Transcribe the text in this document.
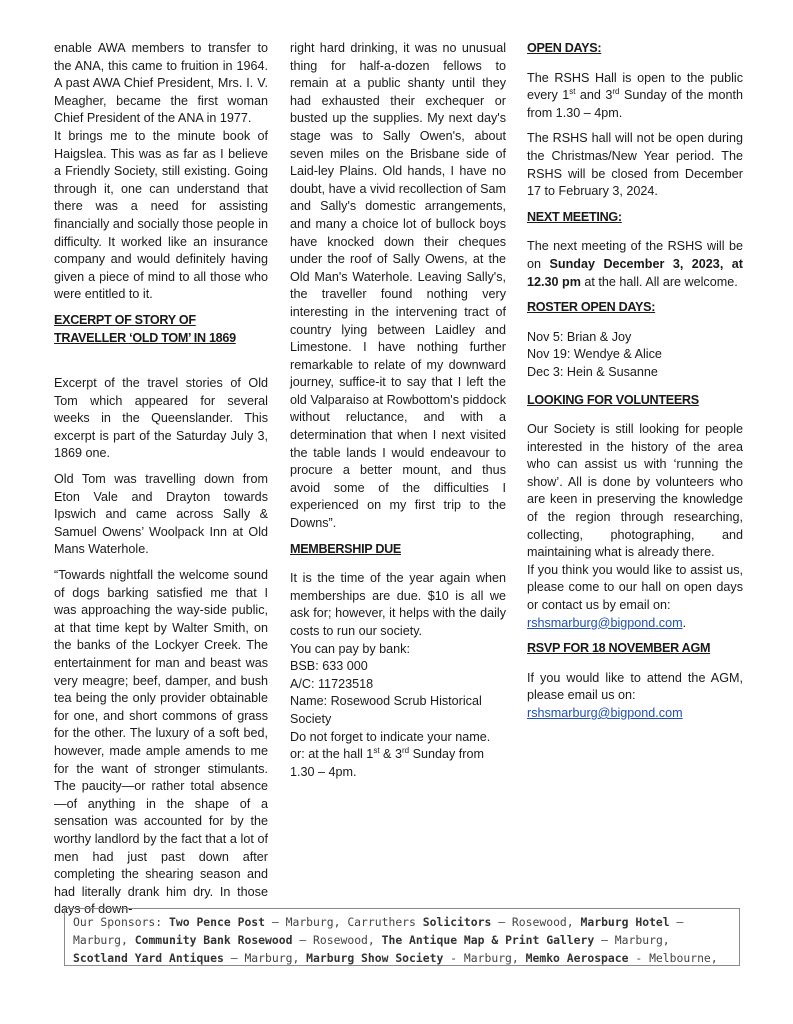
enable AWA members to transfer to the ANA, this came to fruition in 1964. A past AWA Chief President, Mrs. I. V. Meagher, became the first woman Chief President of the ANA in 1977.

It brings me to the minute book of Haigslea. This was as far as I believe a Friendly Society, still existing. Going through it, one can understand that there was a need for assisting financially and socially those people in difficulty. It worked like an insurance company and would definitely having given a piece of mind to all those who were entitled to it.

EXCERPT OF STORY OF TRAVELLER ‘OLD TOM’ IN 1869

Excerpt of the travel stories of Old Tom which appeared for several weeks in the Queenslander. This excerpt is part of the Saturday July 3, 1869 one.

Old Tom was travelling down from Eton Vale and Drayton towards Ipswich and came across Sally & Samuel Owens’ Woolpack Inn at Old Mans Waterhole.

“Towards nightfall the welcome sound of dogs barking satisfied me that I was approaching the way-side public, at that time kept by Walter Smith, on the banks of the Lockyer Creek. The entertainment for man and beast was very meagre; beef, damper, and bush tea being the only provider obtainable for one, and short commons of grass for the other. The luxury of a soft bed, however, made ample amends to me for the want of stronger stimulants. The paucity—or rather total absence—of anything in the shape of a sensation was accounted for by the worthy landlord by the fact that a lot of men had just past down after completing the shearing season and had literally drank him dry. In those days of down-

right hard drinking, it was no unusual thing for half-a-dozen fellows to remain at a public shanty until they had exhausted their exchequer or busted up the supplies. My next day's stage was to Sally Owen's, about seven miles on the Brisbane side of Laid-ley Plains. Old hands, I have no doubt, have a vivid recollection of Sam and Sally's domestic arrangements, and many a choice lot of bullock boys have knocked down their cheques under the roof of Sally Owens, at the Old Man's Waterhole. Leaving Sally's, the traveller found nothing very interesting in the intervening tract of country lying between Laidley and Limestone. I have nothing further remarkable to relate of my downward journey, suffice-it to say that I left the old Valparaiso at Rowbottom's piddock without reluctance, and with a determination that when I next visited the table lands I would endeavour to procure a better mount, and thus avoid some of the difficulties I experienced on my first trip to the Downs”.

MEMBERSHIP DUE

It is the time of the year again when memberships are due. $10 is all we ask for; however, it helps with the daily costs to run our society.

You can pay by bank:
BSB: 633 000
A/C: 11723518
Name: Rosewood Scrub Historical Society
Do not forget to indicate your name.
or: at the hall 1st & 3rd Sunday from 1.30 – 4pm.
OPEN DAYS:

The RSHS Hall is open to the public every 1st and 3rd Sunday of the month from 1.30 – 4pm.

The RSHS hall will not be open during the Christmas/New Year period. The RSHS will be closed from December 17 to February 3, 2024.

NEXT MEETING:

The next meeting of the RSHS will be on Sunday December 3, 2023, at 12.30 pm at the hall. All are welcome.

ROSTER OPEN DAYS:
Nov 5: Brian & Joy
Nov 19: Wendye & Alice
Dec 3: Hein & Susanne
LOOKING FOR VOLUNTEERS

Our Society is still looking for people interested in the history of the area who can assist us with ‘running the show’. All is done by volunteers who are keen in preserving the knowledge of the region through researching, collecting, photographing, and maintaining what is already there.

If you think you would like to assist us, please come to our hall on open days or contact us by email on:
rshsmarburg@bigpond.com.

RSVP FOR 18 NOVEMBER AGM

If you would like to attend the AGM, please email us on:
rshsmarburg@bigpond.com

Our Sponsors: Two Pence Post – Marburg, Carruthers Solicitors – Rosewood, Marburg Hotel – Marburg, Community Bank Rosewood – Rosewood, The Antique Map & Print Gallery – Marburg, Scotland Yard Antiques – Marburg, Marburg Show Society - Marburg, Memko Aerospace - Melbourne,
